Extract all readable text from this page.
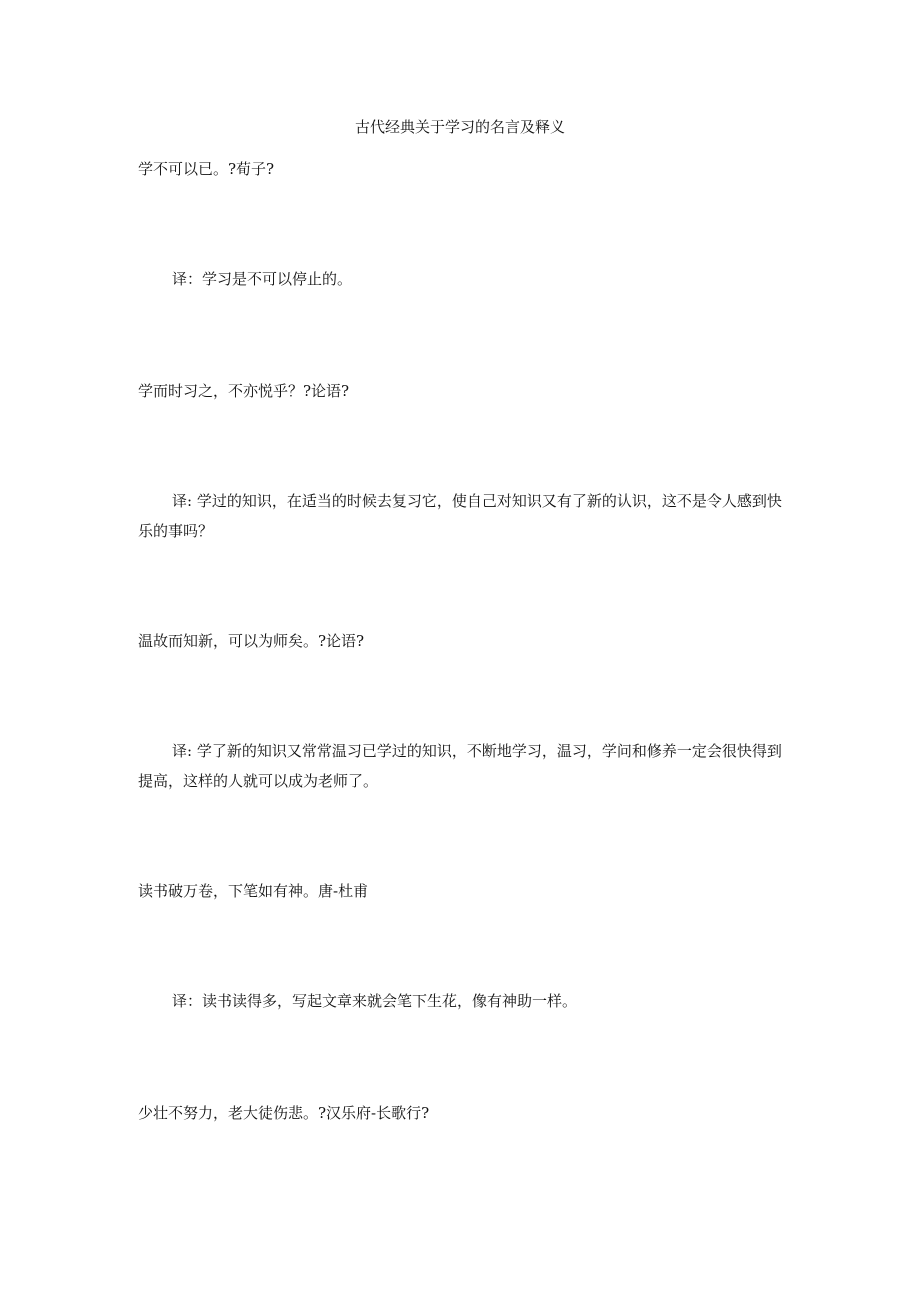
古代经典关于学习的名言及释义
学不可以已。?荀子?
译：学习是不可以停止的。
学而时习之，不亦悦乎？?论语?
译: 学过的知识，在适当的时候去复习它，使自己对知识又有了新的认识，这不是令人感到快乐的事吗？
温故而知新，可以为师矣。?论语?
译: 学了新的知识又常常温习已学过的知识，不断地学习，温习，学问和修养一定会很快得到提高，这样的人就可以成为老师了。
读书破万卷，下笔如有神。唐-杜甫
译：读书读得多，写起文章来就会笔下生花，像有神助一样。
少壮不努力，老大徒伤悲。?汉乐府-长歌行?
